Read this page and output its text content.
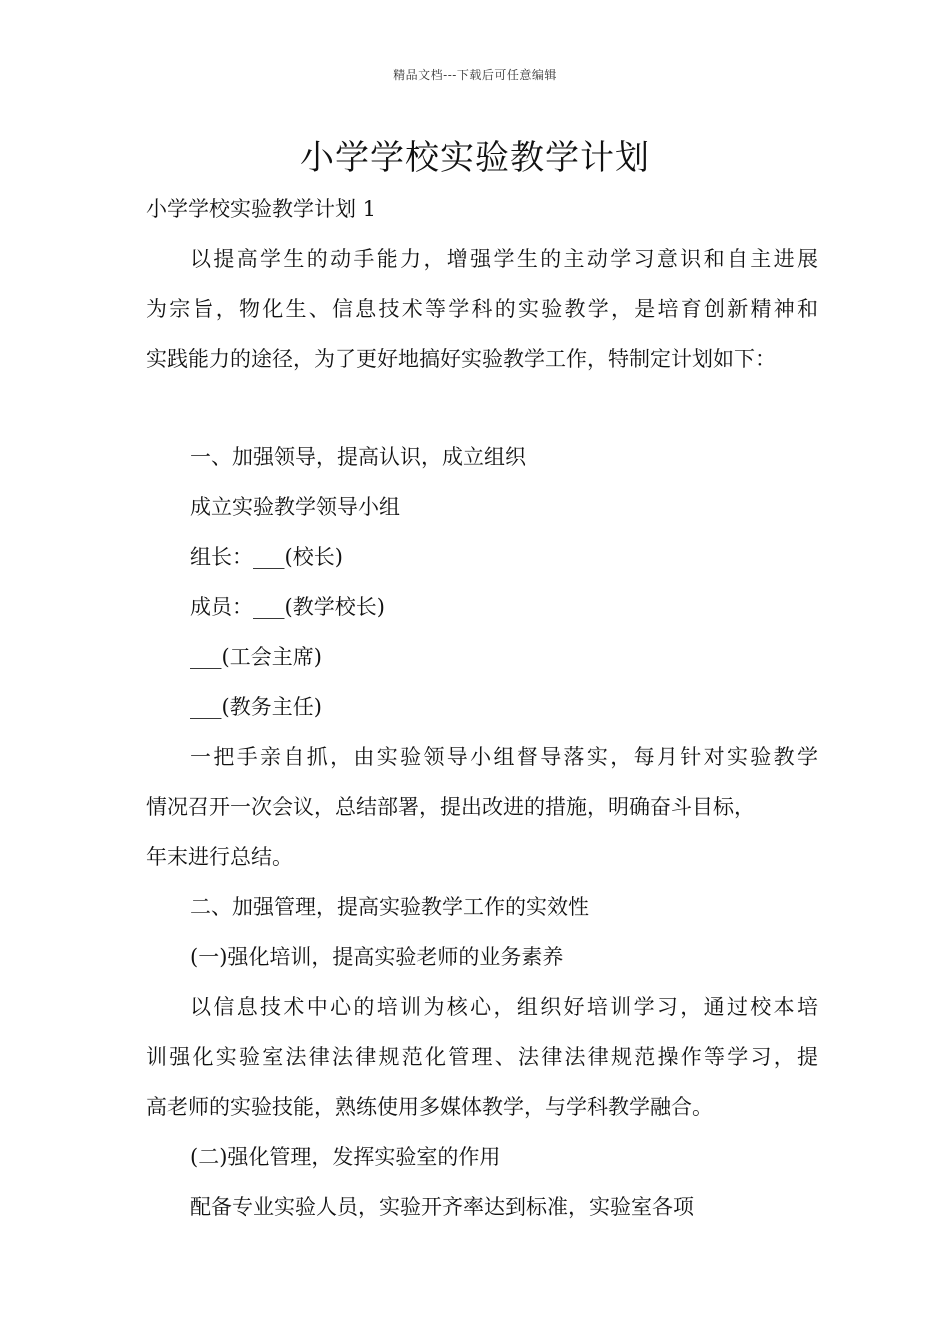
精品文档---下载后可任意编辑
小学学校实验教学计划
小学学校实验教学计划 1
以提高学生的动手能力，增强学生的主动学习意识和自主进展
为宗旨，物化生、信息技术等学科的实验教学，是培育创新精神和
实践能力的途径，为了更好地搞好实验教学工作，特制定计划如下：
一、加强领导，提高认识，成立组织
成立实验教学领导小组
组长：___(校长)
成员：___(教学校长)
___(工会主席)
___(教务主任)
一把手亲自抓，由实验领导小组督导落实，每月针对实验教学
情况召开一次会议，总结部署，提出改进的措施，明确奋斗目标，
年末进行总结。
二、加强管理，提高实验教学工作的实效性
(一)强化培训，提高实验老师的业务素养
以信息技术中心的培训为核心，组织好培训学习，通过校本培
训强化实验室法律法律规范化管理、法律法律规范操作等学习，提
高老师的实验技能，熟练使用多媒体教学，与学科教学融合。
(二)强化管理，发挥实验室的作用
配备专业实验人员，实验开齐率达到标准，实验室各项
